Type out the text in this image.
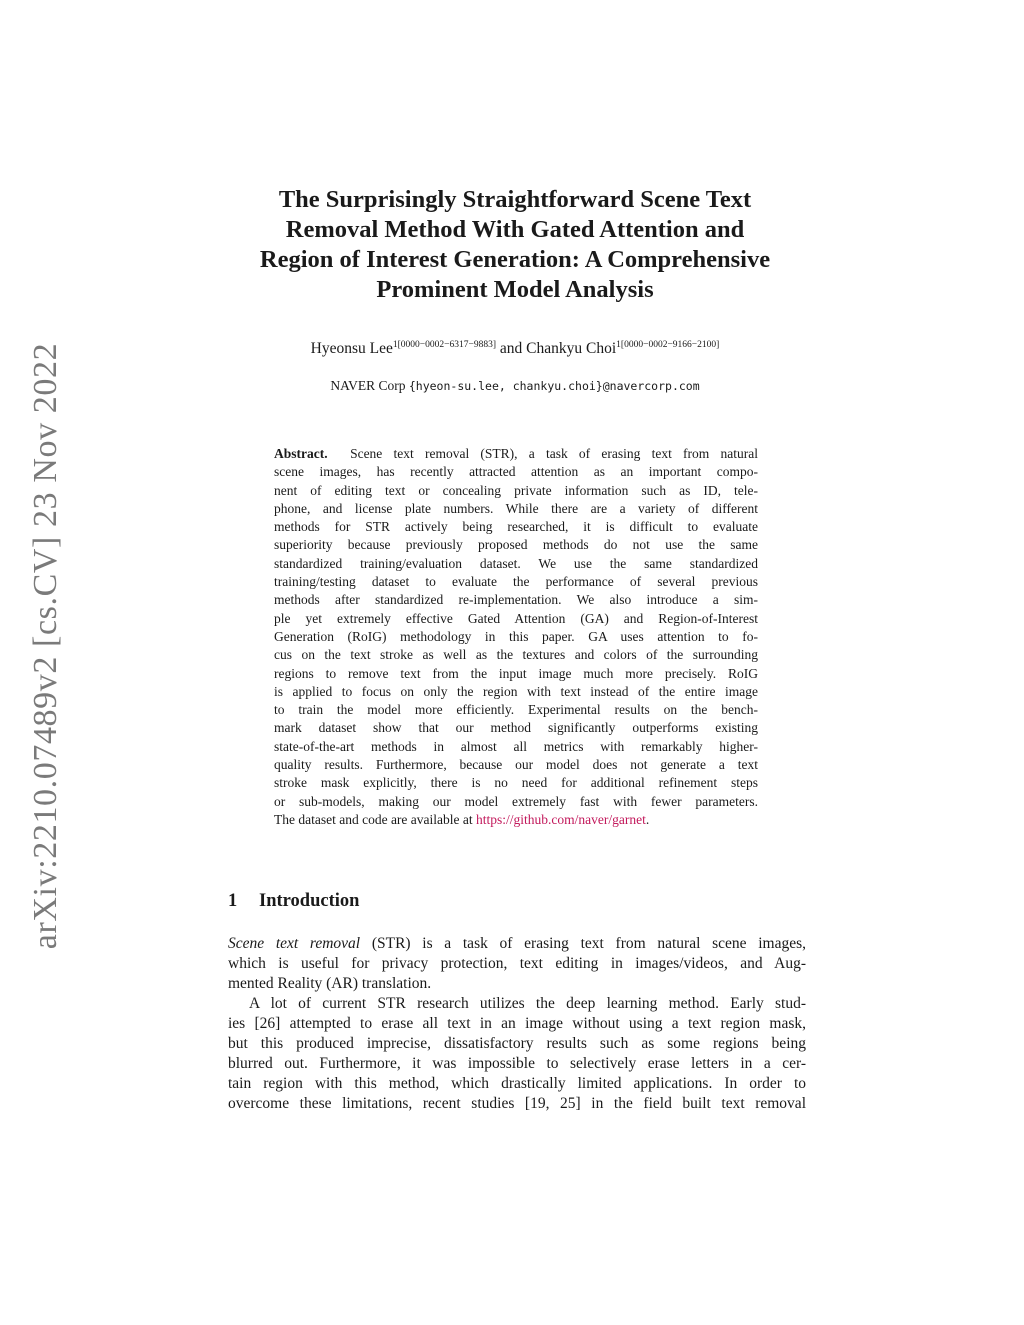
arXiv:2210.07489v2 [cs.CV] 23 Nov 2022
The Surprisingly Straightforward Scene Text
Removal Method With Gated Attention and
Region of Interest Generation: A Comprehensive
Prominent Model Analysis
Hyeonsu Lee$^{1[0000-0002-6317-9883]}$ and Chankyu Choi$^{1[0000-0002-9166-2100]}$
NAVER Corp {hyeon-su.lee, chankyu.choi}@navercorp.com
Abstract. Scene text removal (STR), a task of erasing text from natural
scene images, has recently attracted attention as an important compo-
nent of editing text or concealing private information such as ID, tele-
phone, and license plate numbers. While there are a variety of different
methods for STR actively being researched, it is difficult to evaluate
superiority because previously proposed methods do not use the same
standardized training/evaluation dataset. We use the same standardized
training/testing dataset to evaluate the performance of several previous
methods after standardized re-implementation. We also introduce a sim-
ple yet extremely effective Gated Attention (GA) and Region-of-Interest
Generation (RoIG) methodology in this paper. GA uses attention to fo-
cus on the text stroke as well as the textures and colors of the surrounding
regions to remove text from the input image much more precisely. RoIG
is applied to focus on only the region with text instead of the entire image
to train the model more efficiently. Experimental results on the bench-
mark dataset show that our method significantly outperforms existing
state-of-the-art methods in almost all metrics with remarkably higher-
quality results. Furthermore, because our model does not generate a text
stroke mask explicitly, there is no need for additional refinement steps
or sub-models, making our model extremely fast with fewer parameters.
The dataset and code are available at https://github.com/naver/garnet.
1 Introduction
Scene text removal (STR) is a task of erasing text from natural scene images,
which is useful for privacy protection, text editing in images/videos, and Aug-
mented Reality (AR) translation.
A lot of current STR research utilizes the deep learning method. Early stud-
ies [26] attempted to erase all text in an image without using a text region mask,
but this produced imprecise, dissatisfactory results such as some regions being
blurred out. Furthermore, it was impossible to selectively erase letters in a cer-
tain region with this method, which drastically limited applications. In order to
overcome these limitations, recent studies [19, 25] in the field built text removal
